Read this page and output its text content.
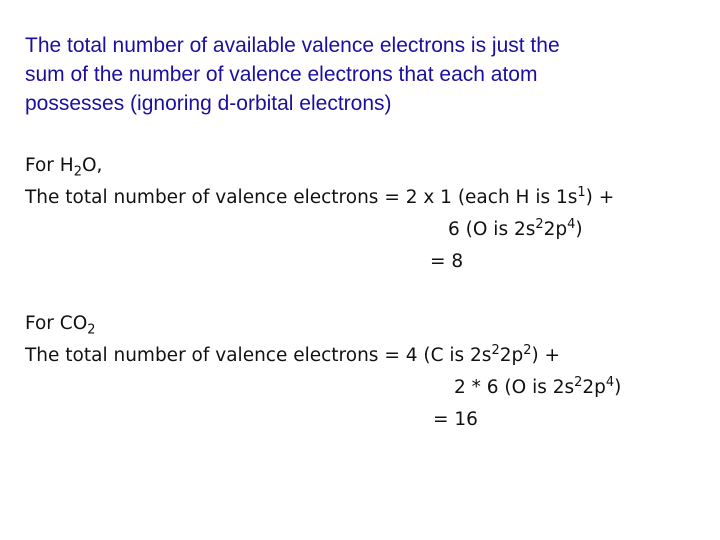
The total number of available valence electrons is just the
sum of the number of valence electrons that each atom
possesses (ignoring d-orbital electrons)
For $H_2O$,
The total number of valence electrons = 2 x 1 (each H is $1s^1$) +
6 (O is $2s^22p^4$)
= 8
For $CO_2$
The total number of valence electrons = 4 (C is $2s^22p^2$) +
2 * 6 (O is $2s^22p^4$)
= 16
